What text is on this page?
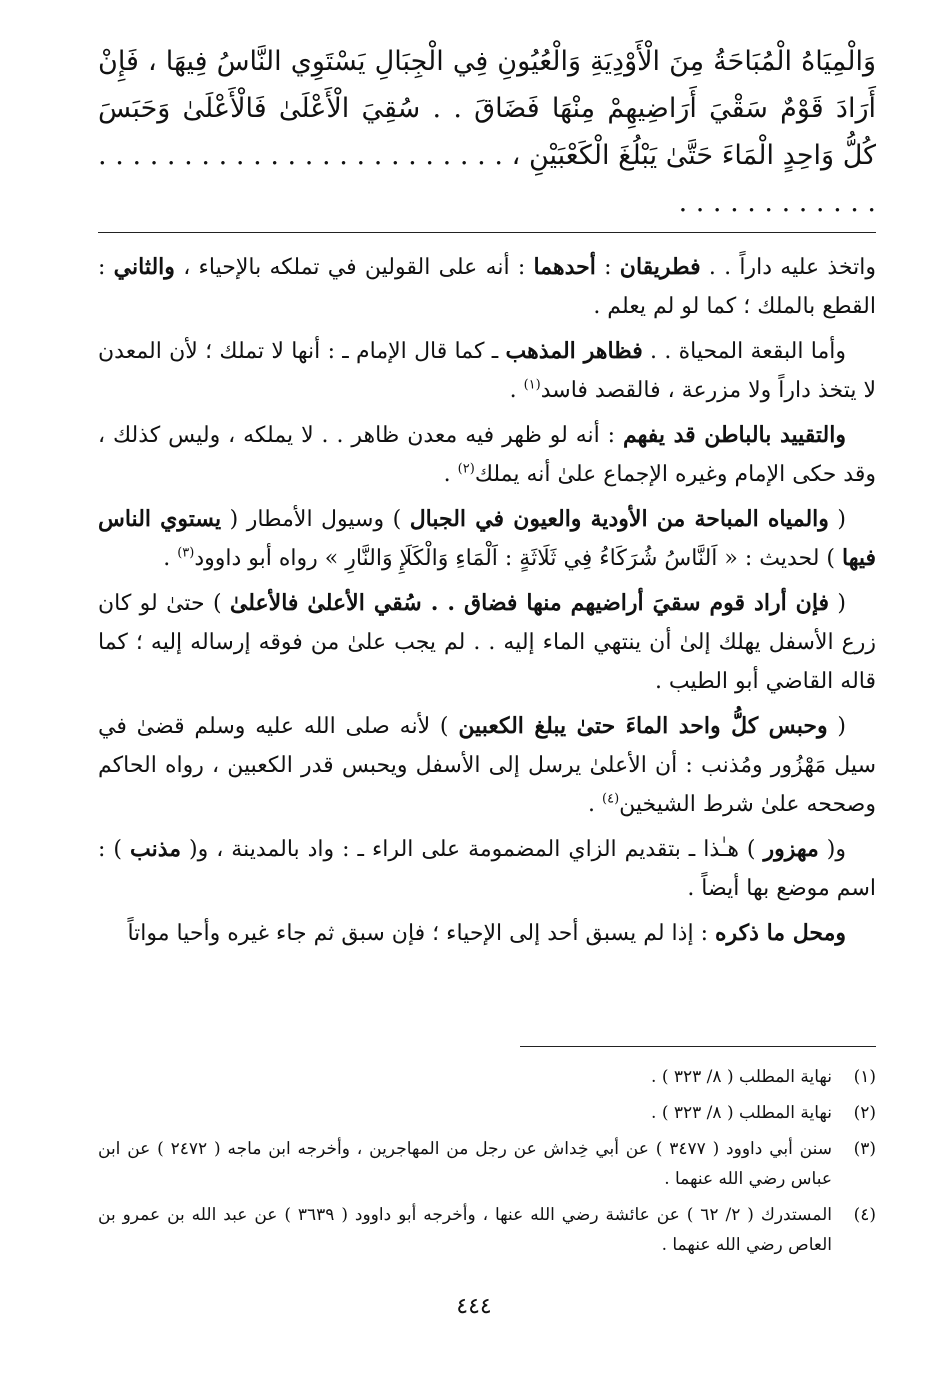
وَالْمِيَاهُ الْمُبَاحَةُ مِنَ الْأَوْدِيَةِ وَالْعُيُونِ فِي الْجِبَالِ يَسْتَوِي النَّاسُ فِيهَا ، فَإِنْ أَرَادَ قَوْمٌ سَقْيَ أَرَاضِيهِمْ مِنْهَا فَضَاقَ . . سُقِيَ الْأَعْلَىٰ فَالْأَعْلَىٰ وَحَبَسَ كُلُّ وَاحِدٍ الْمَاءَ حَتَّىٰ يَبْلُغَ الْكَعْبَيْنِ ، . . . . . . . . . . . . . . . . . . . . . . . . . . . . . . . . . . . .

واتخذ عليه داراً . . فطريقان : أحدهما : أنه على القولين في تملكه بالإحياء ، والثاني : القطع بالملك ؛ كما لو لم يعلم .

وأما البقعة المحياة . . فظاهر المذهب ـ كما قال الإمام ـ : أنها لا تملك ؛ لأن المعدن لا يتخذ داراً ولا مزرعة ، فالقصد فاسد$^{(١)}$ .

والتقييد بالباطن قد يفهم : أنه لو ظهر فيه معدن ظاهر . . لا يملكه ، وليس كذلك ، وقد حكى الإمام وغيره الإجماع علىٰ أنه يملك$^{(٢)}$ .

( والمياه المباحة من الأودية والعيون في الجبال ) وسيول الأمطار ( يستوي الناس فيها ) لحديث : « اَلنَّاسُ شُرَكَاءُ فِي ثَلَاثَةٍ : اَلْمَاءِ وَالْكَلَإِ وَالنَّارِ » رواه أبو داوود$^{(٣)}$ .

( فإن أراد قوم سقيَ أراضيهم منها فضاق . . سُقي الأعلىٰ فالأعلىٰ ) حتىٰ لو كان زرع الأسفل يهلك إلىٰ أن ينتهي الماء إليه . . لم يجب علىٰ من فوقه إرساله إليه ؛ كما قاله القاضي أبو الطيب .

( وحبس كلُّ واحد الماءَ حتىٰ يبلغ الكعبين ) لأنه صلى الله عليه وسلم قضىٰ في سيل مَهْزُور ومُذنب : أن الأعلىٰ يرسل إلى الأسفل ويحبس قدر الكعبين ، رواه الحاكم وصححه علىٰ شرط الشيخين$^{(٤)}$ .

و( مهزور ) هـٰذا ـ بتقديم الزاي المضمومة على الراء ـ : واد بالمدينة ، و( مذنب ) : اسم موضع بها أيضاً .

ومحل ما ذكره : إذا لم يسبق أحد إلى الإحياء ؛ فإن سبق ثم جاء غيره وأحيا مواتاً

(١)
نهاية المطلب ( ٨/ ٣٢٣ ) .
(٢)
نهاية المطلب ( ٨/ ٣٢٣ ) .
(٣)
سنن أبي داوود ( ٣٤٧٧ ) عن أبي خِداش عن رجل من المهاجرين ، وأخرجه ابن ماجه ( ٢٤٧٢ ) عن ابن عباس رضي الله عنهما .
(٤)
المستدرك ( ٢/ ٦٢ ) عن عائشة رضي الله عنها ، وأخرجه أبو داوود ( ٣٦٣٩ ) عن عبد الله بن عمرو بن العاص رضي الله عنهما .
٤٤٤
